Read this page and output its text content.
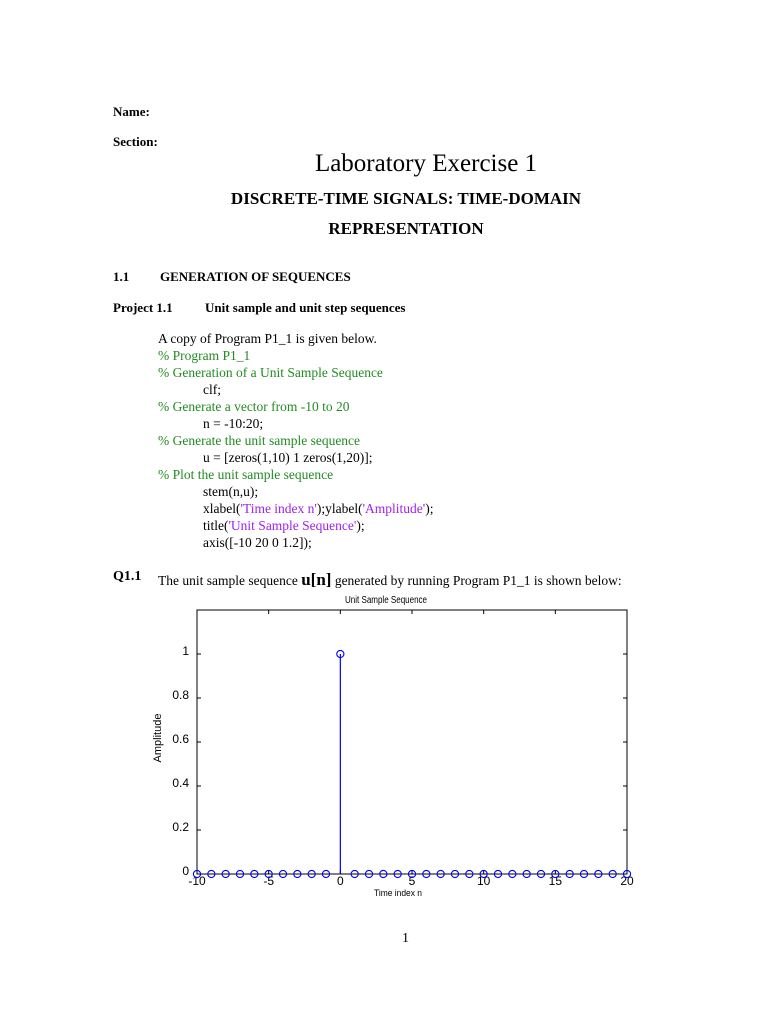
Name:
Section:
Laboratory Exercise 1
DISCRETE-TIME SIGNALS: TIME-DOMAIN
REPRESENTATION
1.1 GENERATION OF SEQUENCES
Project 1.1 Unit sample and unit step sequences
A copy of Program P1_1 is given below.
% Program P1_1
% Generation of a Unit Sample Sequence
clf;
% Generate a vector from -10 to 20
n = -10:20;
% Generate the unit sample sequence
u = [zeros(1,10) 1 zeros(1,20)];
% Plot the unit sample sequence
stem(n,u);
xlabel('Time index n');ylabel('Amplitude');
title('Unit Sample Sequence');
axis([-10 20 0 1.2]);
Q1.1 The unit sample sequence u[n] generated by running Program P1_1 is shown below:
Unit Sample Sequence
-10	-5	0	5	10	15	20
0
0.2
0.4
0.6
0.8
1
Time index n
Amplitude
1
